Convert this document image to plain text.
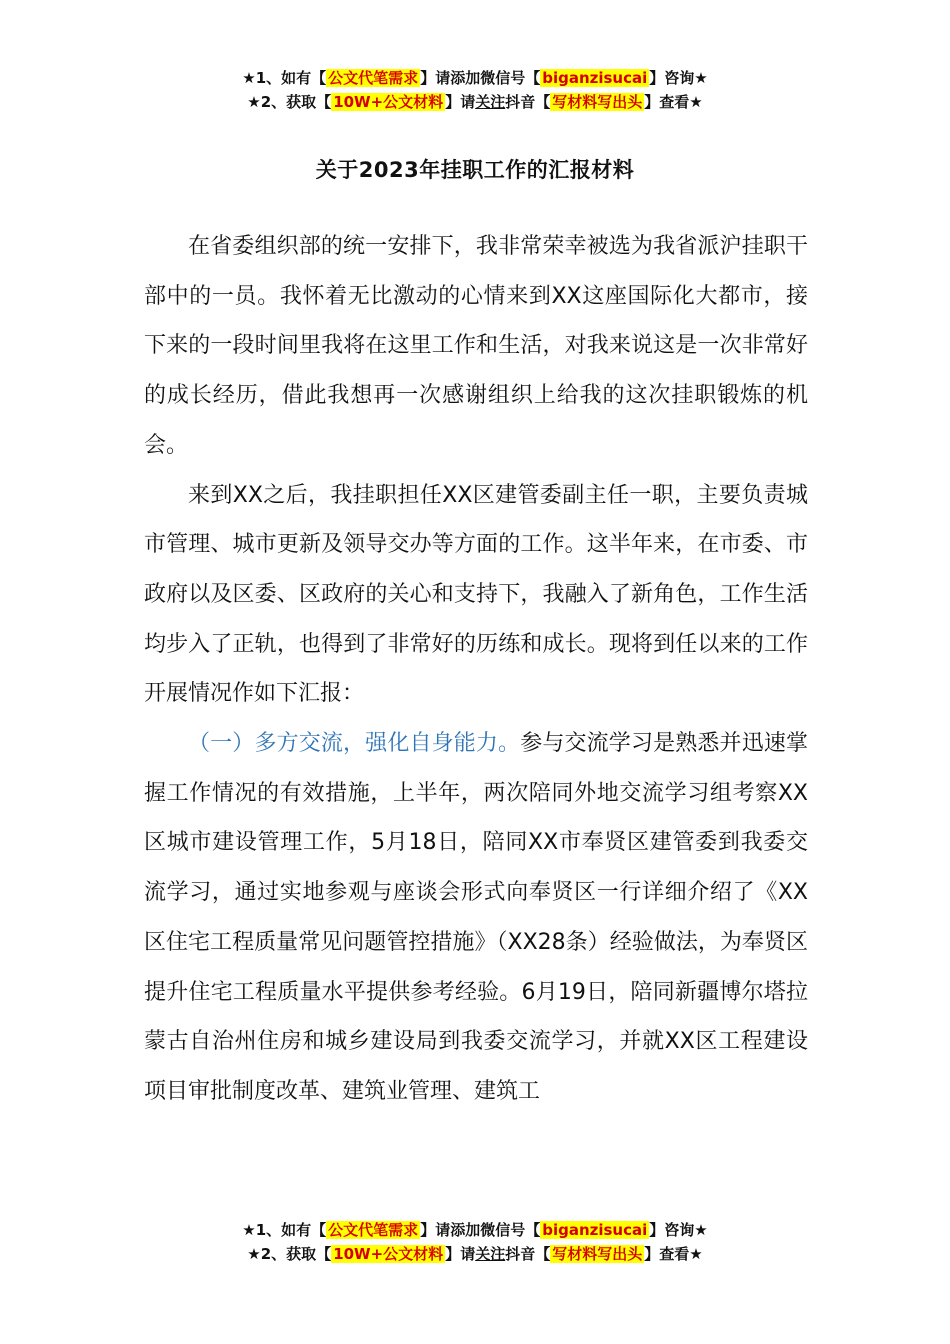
★1、如有【 公文代笔需求 】请添加微信号【 biganzisucai 】咨询★
★2、获取【 10W+公文材料 】请关注抖音【 写材料写出头 】查看★
关于2023年挂职工作的汇报材料

在省委组织部的统一安排下，我非常荣幸被选为我省派沪挂职干部中的一员。我怀着无比激动的心情来到XX这座国际化大都市，接下来的一段时间里我将在这里工作和生活，对我来说这是一次非常好的成长经历，借此我想再一次感谢组织上给我的这次挂职锻炼的机会。

来到XX之后，我挂职担任XX区建管委副主任一职，主要负责城市管理、城市更新及领导交办等方面的工作。这半年来，在市委、市政府以及区委、区政府的关心和支持下，我融入了新角色，工作生活均步入了正轨，也得到了非常好的历练和成长。现将到任以来的工作开展情况作如下汇报：

（一）多方交流，强化自身能力。参与交流学习是熟悉并迅速掌握工作情况的有效措施，上半年，两次陪同外地交流学习组考察XX区城市建设管理工作，5月18日，陪同XX市奉贤区建管委到我委交流学习，通过实地参观与座谈会形式向奉贤区一行详细介绍了《XX区住宅工程质量常见问题管控措施》（XX28条）经验做法，为奉贤区提升住宅工程质量水平提供参考经验。6月19日，陪同新疆博尔塔拉蒙古自治州住房和城乡建设局到我委交流学习，并就XX区工程建设项目审批制度改革、建筑业管理、建筑工

★1、如有【 公文代笔需求 】请添加微信号【 biganzisucai 】咨询★
★2、获取【 10W+公文材料 】请关注抖音【 写材料写出头 】查看★
